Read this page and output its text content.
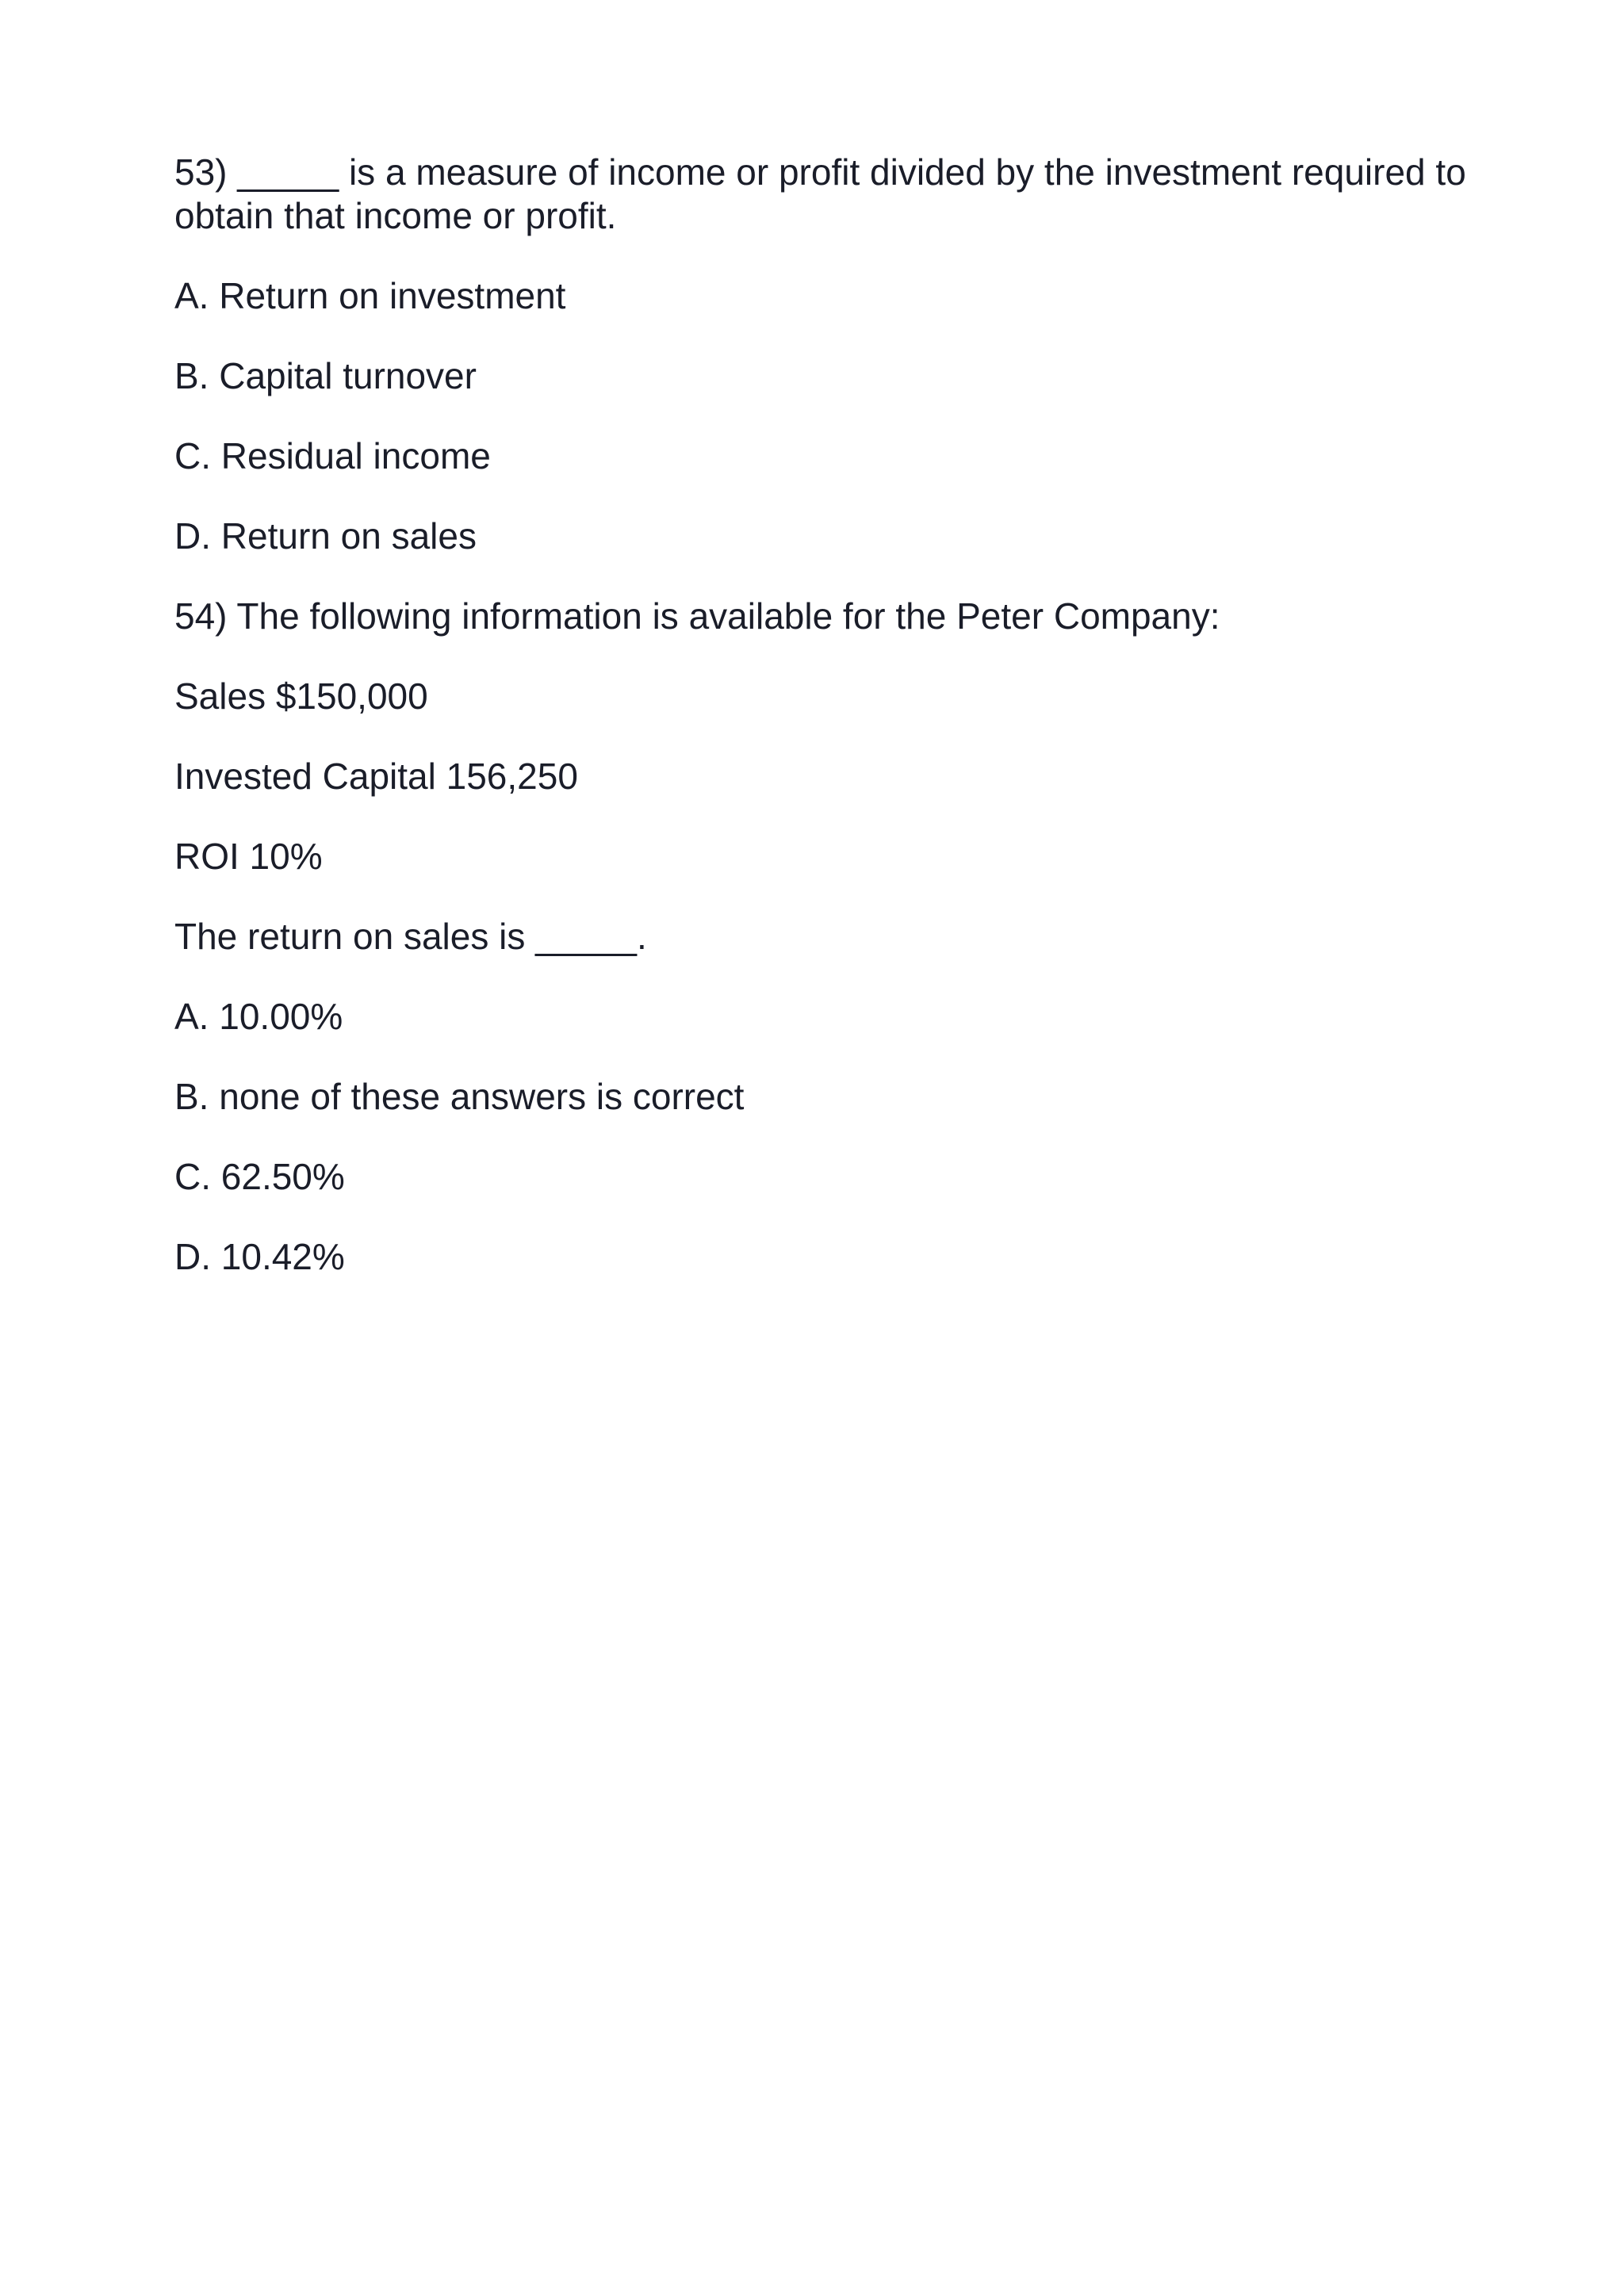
53) _____ is a measure of income or profit divided by the investment required to obtain that income or profit.

A. Return on investment

B. Capital turnover

C. Residual income

D. Return on sales

54) The following information is available for the Peter Company:

Sales $150,000

Invested Capital 156,250

ROI 10%

The return on sales is _____.

A. 10.00%

B. none of these answers is correct

C. 62.50%

D. 10.42%
